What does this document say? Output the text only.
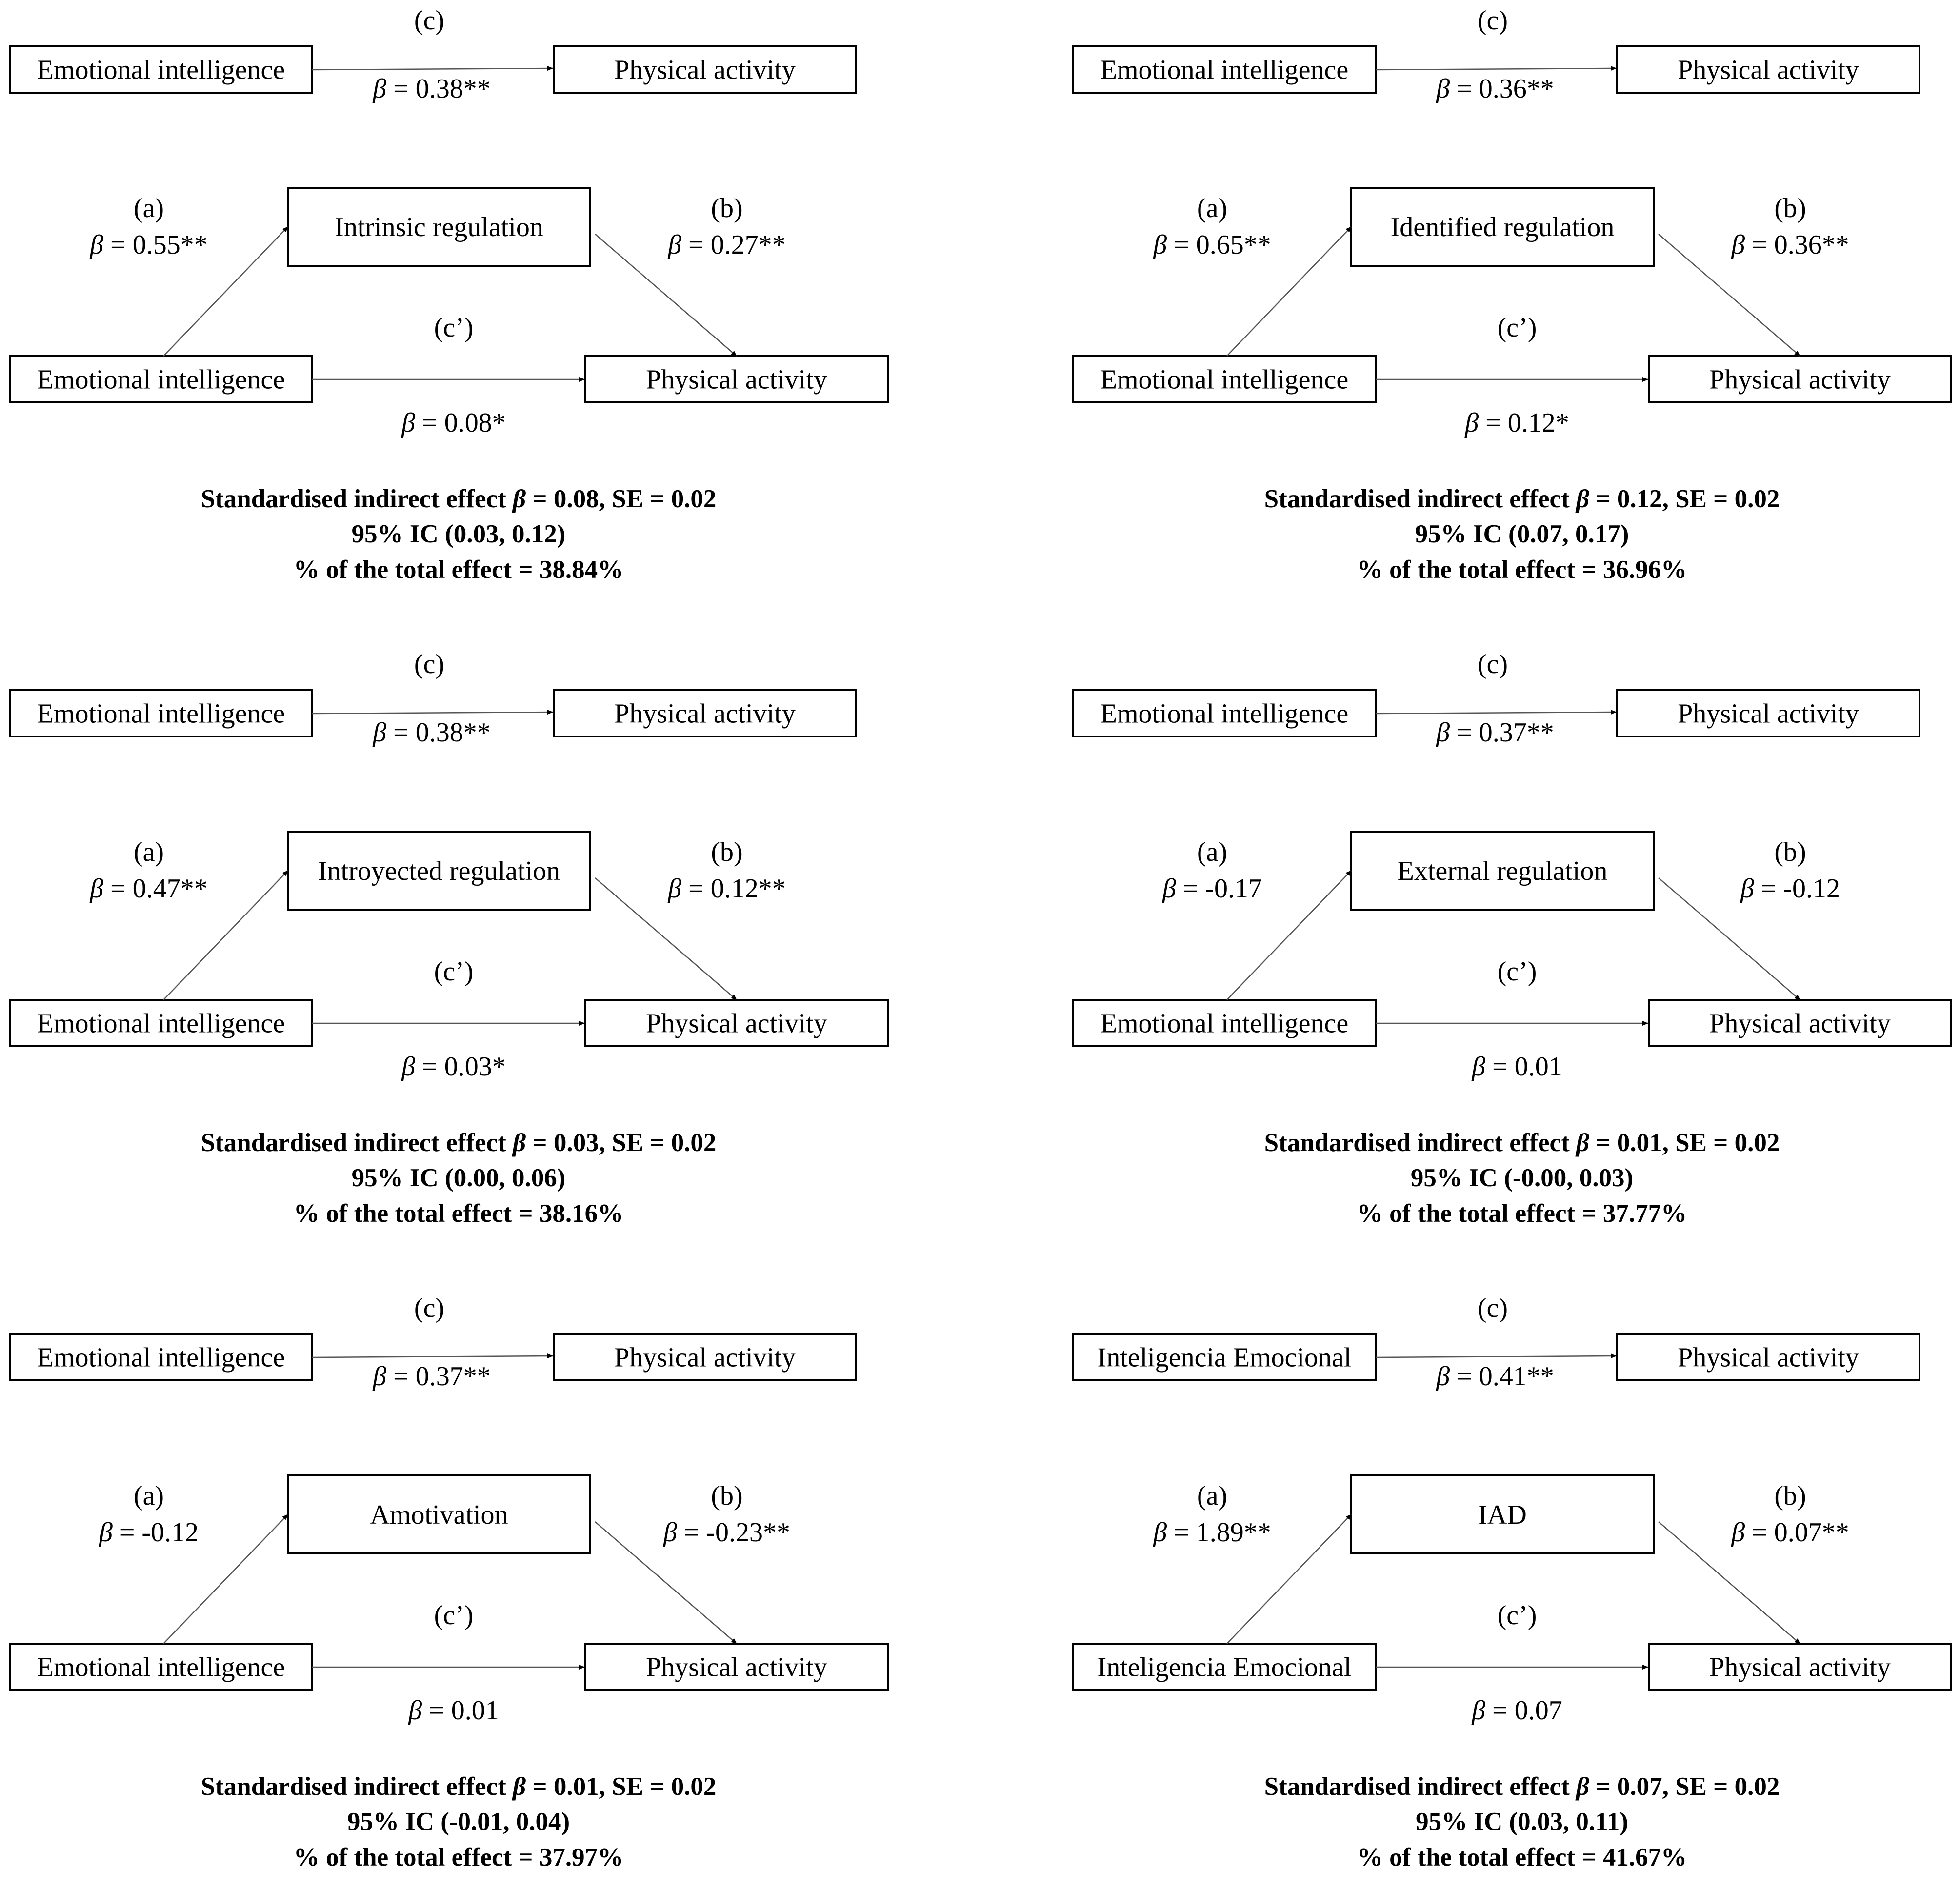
(c)
Emotional intelligence	Physical activity
β = 0.38**
Intrinsic regulation
Emotional intelligence	Physical activity
(a)
β = 0.55**
(b)
β = 0.27**
(c’)
β = 0.08*
Standardised indirect effect β = 0.08, SE = 0.02
95% IC (0.03, 0.12)
% of the total effect = 38.84%
(c)
Emotional intelligence	Physical activity
β = 0.36**
Identified regulation
Emotional intelligence	Physical activity
(a)
β = 0.65**
(b)
β = 0.36**
(c’)
β = 0.12*
Standardised indirect effect β = 0.12, SE = 0.02
95% IC (0.07, 0.17)
% of the total effect = 36.96%
(c)
Emotional intelligence	Physical activity
β = 0.38**
Introyected regulation
Emotional intelligence	Physical activity
(a)
β = 0.47**
(b)
β = 0.12**
(c’)
β = 0.03*
Standardised indirect effect β = 0.03, SE = 0.02
95% IC (0.00, 0.06)
% of the total effect = 38.16%
(c)
Emotional intelligence	Physical activity
β = 0.37**
External regulation
Emotional intelligence	Physical activity
(a)
β = -0.17
(b)
β = -0.12
(c’)
β = 0.01
Standardised indirect effect β = 0.01, SE = 0.02
95% IC (-0.00, 0.03)
% of the total effect = 37.77%
(c)
Emotional intelligence	Physical activity
β = 0.37**
Amotivation
Emotional intelligence	Physical activity
(a)
β = -0.12
(b)
β = -0.23**
(c’)
β = 0.01
Standardised indirect effect β = 0.01, SE = 0.02
95% IC (-0.01, 0.04)
% of the total effect = 37.97%
(c)
Inteligencia Emocional	Physical activity
β = 0.41**
IAD
Inteligencia Emocional	Physical activity
(a)
β = 1.89**
(b)
β = 0.07**
(c’)
β = 0.07
Standardised indirect effect β = 0.07, SE = 0.02
95% IC (0.03, 0.11)
% of the total effect = 41.67%
